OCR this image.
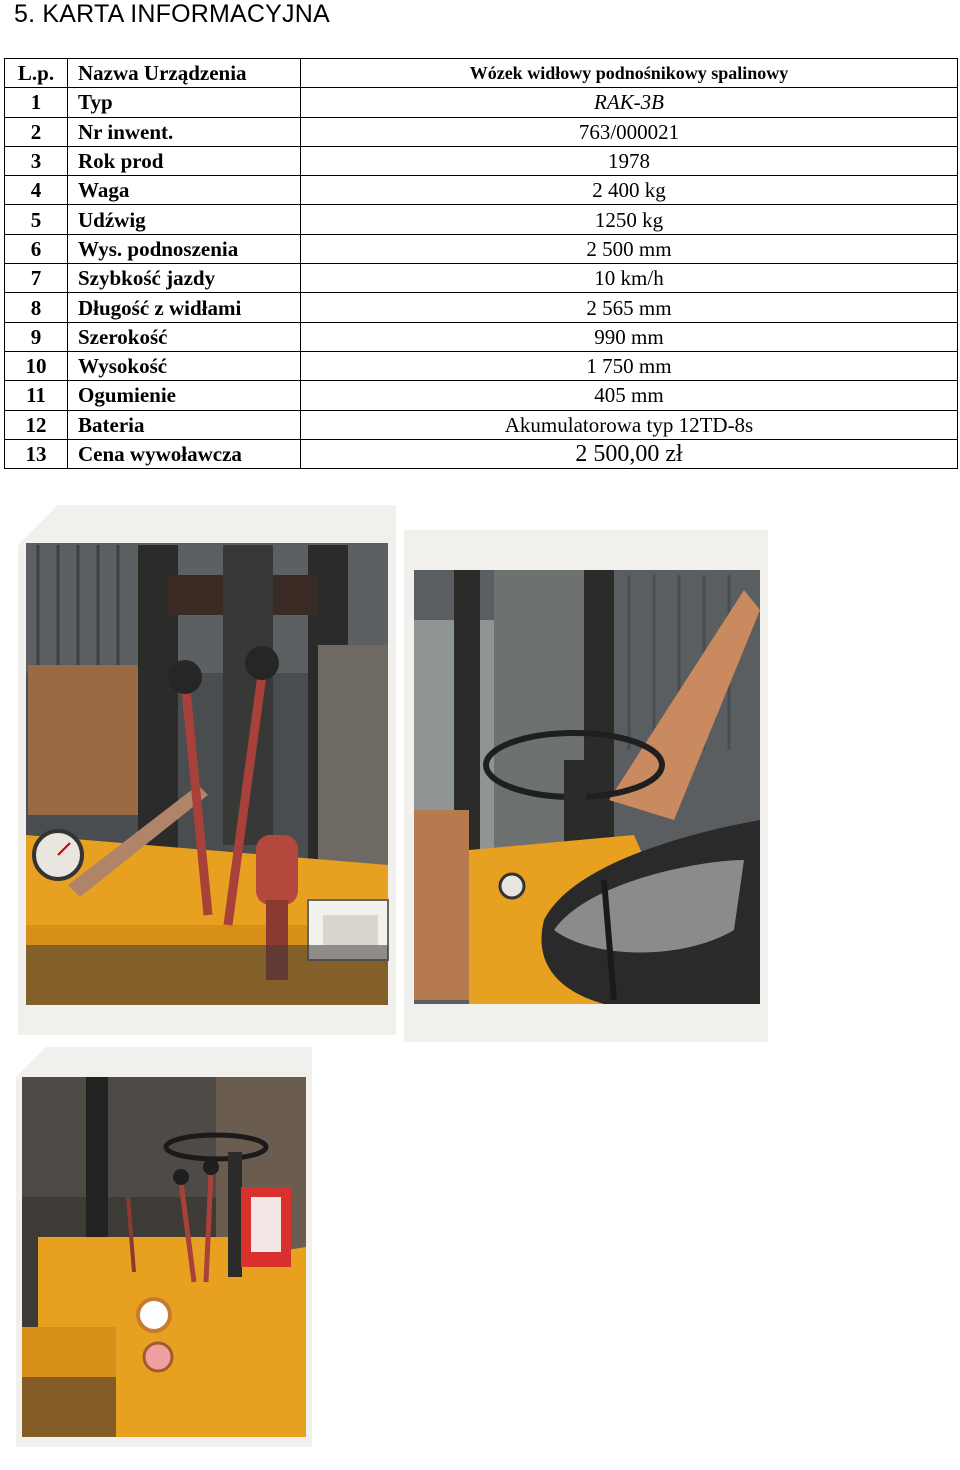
5. KARTA INFORMACYJNA
L.p.	Nazwa Urządzenia	Wózek widłowy podnośnikowy spalinowy
1	Typ	RAK-3B
2	Nr inwent.	763/000021
3	Rok prod	1978
4	Waga	2 400 kg
5	Udźwig	1250 kg
6	Wys. podnoszenia	2 500 mm
7	Szybkość jazdy	10 km/h
8	Długość z widłami	2 565 mm
9	Szerokość	990 mm
10	Wysokość	1 750 mm
11	Ogumienie	405 mm
12	Bateria	Akumulatorowa typ 12TD-8s
13	Cena wywoławcza	2 500,00 zł
